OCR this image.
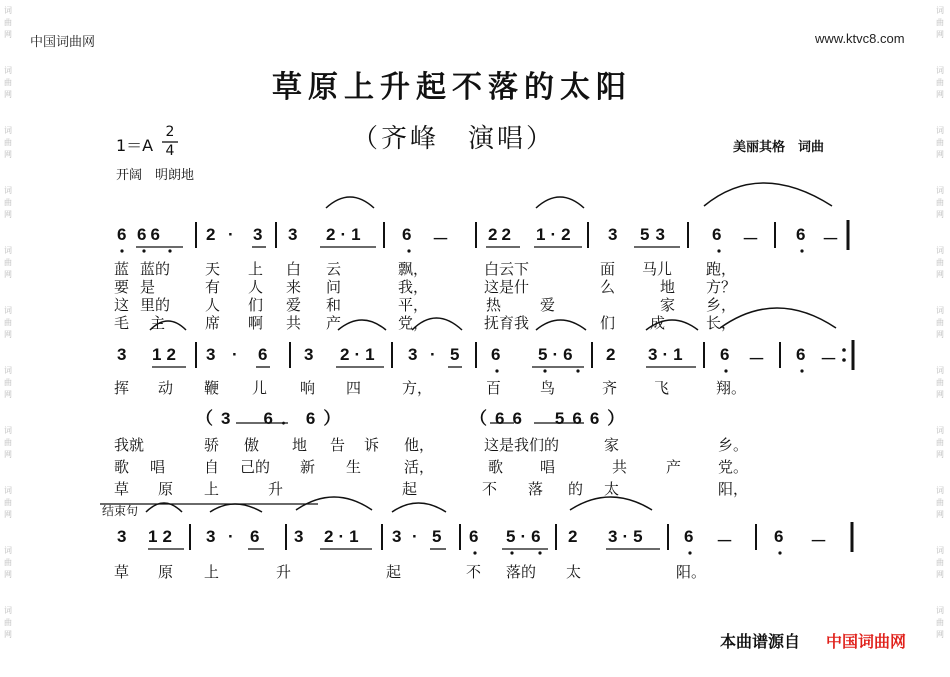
词
曲
网
词
曲
网
词
曲
网
词
曲
网
词
曲
网
词
曲
网
词
曲
网
词
曲
网
词
曲
网
词
曲
网
词
曲
网
词
曲
网
词
曲
网
词
曲
网
词
曲
网
词
曲
网
词
曲
网
词
曲
网
词
曲
网
词
曲
网
词
曲
网
词
曲
网
中国词曲网	www.ktvc8.com
草原上升起不落的太阳
（齐峰　演唱）
1＝A
2
4
开阔　明朗地
美丽其格　词曲
6 66 2 · 3 3 2·1 6 － 22 1·2 3 53 6 － 6 －
蓝 蓝的 天 上 白 云	飘，	白云下	面 马儿 跑，
要 是	有 人 来 问	我，	这是什	么	地 方？
这 里的 人 们 爱 和	平，	热	爱	家 乡，
毛 主	席 啊 共 产	党，	抚育我	们 成	长，
3 12 3 · 6 3 2·1 3 · 5 6 5·6 2 3·1 6 － 6 －
挥 动 鞭 儿 响 四	方，	百	鸟	齐 飞	翔。
（3　6．6）	（66　566）
我就	骄 傲 地 告 诉 他，	这是我们的	家	乡。
歌 唱	自 己的 新 生	活，	歌 唱	共	产 党。
草 原 上	升	起	不 落 的 太	阳，
结束句
3 12 3 · 6 3 2·1 3 · 5 6 5·6 2 3·5 6 － 6 －
草 原 上	升	起	不 落的 太	阳。
本曲谱源自 中国词曲网
